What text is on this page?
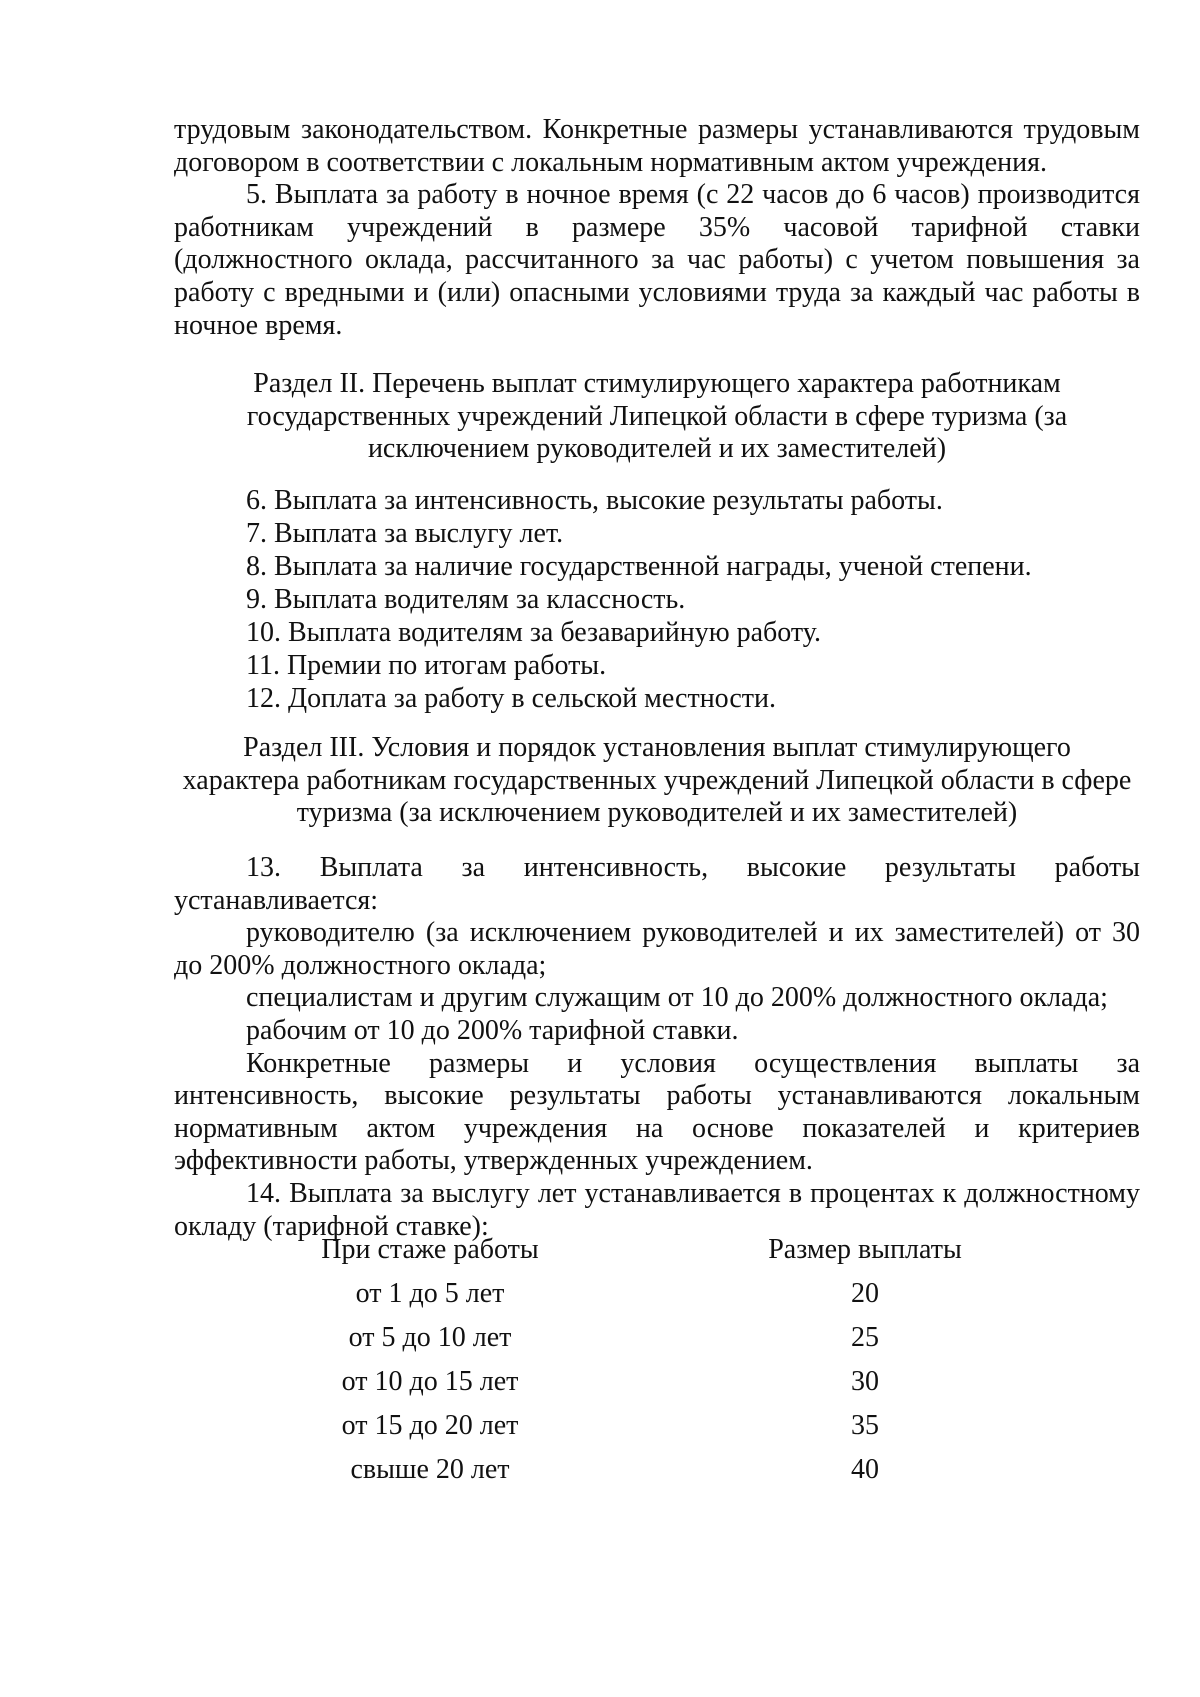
трудовым законодательством. Конкретные размеры устанавливаются трудовым договором в соответствии с локальным нормативным актом учреждения.

5. Выплата за работу в ночное время (с 22 часов до 6 часов) производится работникам учреждений в размере 35% часовой тарифной ставки (должностного оклада, рассчитанного за час работы) с учетом повышения за работу с вредными и (или) опасными условиями труда за каждый час работы в ночное время.

Раздел II. Перечень выплат стимулирующего характера работникам

государственных учреждений Липецкой области в сфере туризма (за

исключением руководителей и их заместителей)

6. Выплата за интенсивность, высокие результаты работы.

7. Выплата за выслугу лет.

8. Выплата за наличие государственной награды, ученой степени.

9. Выплата водителям за классность.

10. Выплата водителям за безаварийную работу.

11. Премии по итогам работы.

12. Доплата за работу в сельской местности.

Раздел III. Условия и порядок установления выплат стимулирующего

характера работникам государственных учреждений Липецкой области в сфере

туризма (за исключением руководителей и их заместителей)

13. Выплата за интенсивность, высокие результаты работы устанавливается:

руководителю (за исключением руководителей и их заместителей) от 30 до 200% должностного оклада;

специалистам и другим служащим от 10 до 200% должностного оклада;

рабочим от 10 до 200% тарифной ставки.

Конкретные размеры и условия осуществления выплаты за интенсивность, высокие результаты работы устанавливаются локальным нормативным актом учреждения на основе показателей и критериев эффективности работы, утвержденных учреждением.

14. Выплата за выслугу лет устанавливается в процентах к должностному окладу (тарифной ставке):

При стаже работы	Размер выплаты
от 1 до 5 лет	20
от 5 до 10 лет	25
от 10 до 15 лет	30
от 15 до 20 лет	35
свыше 20 лет	40
